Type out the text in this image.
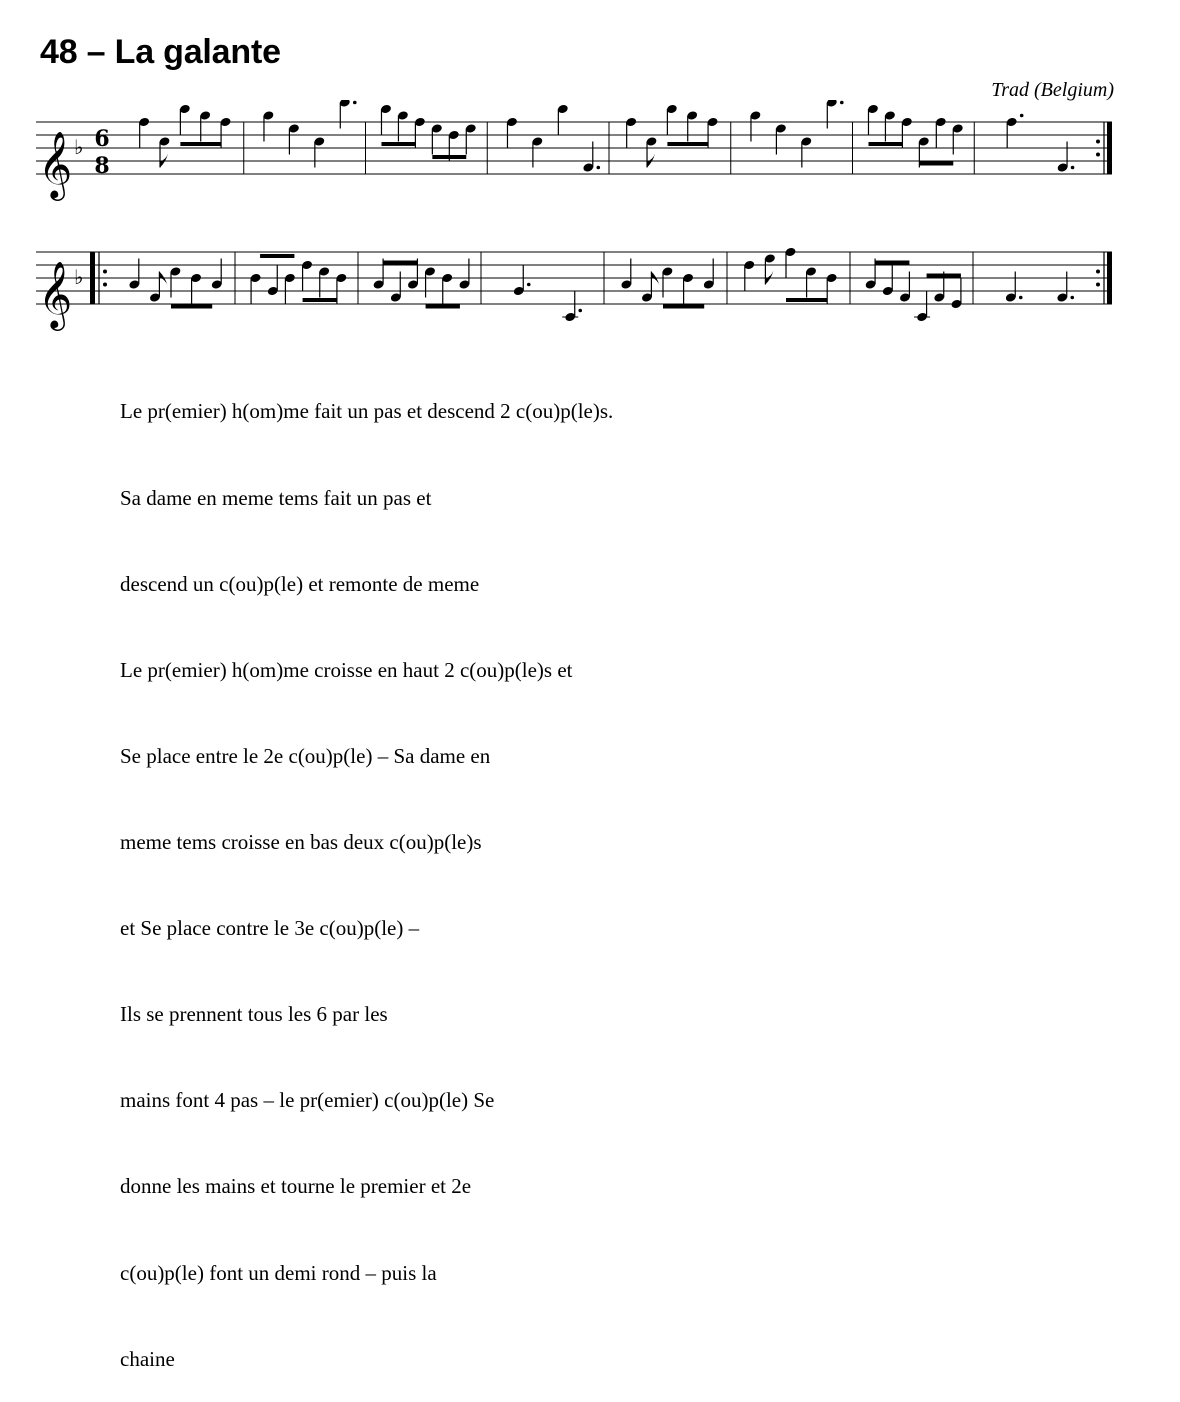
48 – La galante
Trad (Belgium)
𝄞 ♭ 6
8
𝄞 ♭

Le pr(emier) h(om)me fait un pas et descend 2 c(ou)p(le)s.

Sa dame en meme tems fait un pas et

descend un c(ou)p(le) et remonte de meme

Le pr(emier) h(om)me croisse en haut 2 c(ou)p(le)s et

Se place entre le 2e c(ou)p(le) – Sa dame en

meme tems croisse en bas deux c(ou)p(le)s

et Se place contre le 3e c(ou)p(le) –

Ils se prennent tous les 6 par les

mains font 4 pas – le pr(emier) c(ou)p(le) Se

donne les mains et tourne le premier et 2e

c(ou)p(le) font un demi rond – puis la

chaine
